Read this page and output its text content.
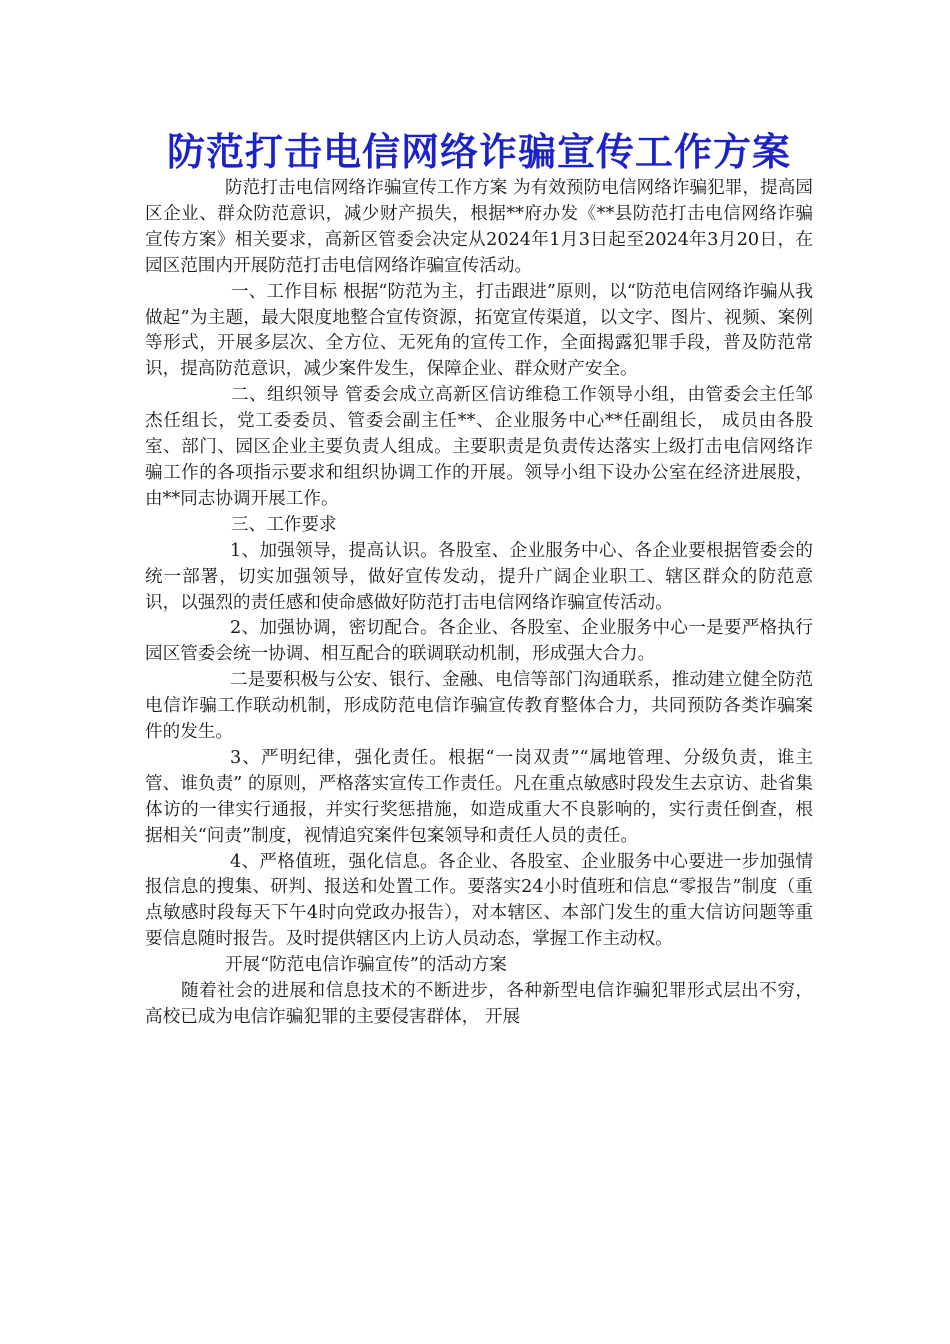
防范打击电信网络诈骗宣传工作方案

防范打击电信网络诈骗宣传工作方案 为有效预防电信网络诈骗犯罪，提高园区企业、群众防范意识，减少财产损失，根据**府办发《**县防范打击电信网络诈骗宣传方案》相关要求，高新区管委会决定从2024年1月3日起至2024年3月20日，在园区范围内开展防范打击电信网络诈骗宣传活动。

一、工作目标 根据“防范为主，打击跟进”原则，以“防范电信网络诈骗从我做起”为主题，最大限度地整合宣传资源，拓宽宣传渠道，以文字、图片、视频、案例等形式，开展多层次、全方位、无死角的宣传工作，全面揭露犯罪手段，普及防范常识，提高防范意识，减少案件发生，保障企业、群众财产安全。

二、组织领导 管委会成立高新区信访维稳工作领导小组，由管委会主任邹杰任组长，党工委委员、管委会副主任**、企业服务中心**任副组长， 成员由各股室、部门、园区企业主要负责人组成。主要职责是负责传达落实上级打击电信网络诈骗工作的各项指示要求和组织协调工作的开展。领导小组下设办公室在经济进展股，由**同志协调开展工作。

三、工作要求

1、加强领导，提高认识。各股室、企业服务中心、各企业要根据管委会的统一部署，切实加强领导，做好宣传发动，提升广阔企业职工、辖区群众的防范意识，以强烈的责任感和使命感做好防范打击电信网络诈骗宣传活动。

2、加强协调，密切配合。各企业、各股室、企业服务中心一是要严格执行园区管委会统一协调、相互配合的联调联动机制，形成强大合力。

二是要积极与公安、银行、金融、电信等部门沟通联系，推动建立健全防范电信诈骗工作联动机制，形成防范电信诈骗宣传教育整体合力，共同预防各类诈骗案件的发生。

3、严明纪律，强化责任。根据“一岗双责”“属地管理、分级负责，谁主管、谁负责” 的原则，严格落实宣传工作责任。凡在重点敏感时段发生去京访、赴省集体访的一律实行通报，并实行奖惩措施，如造成重大不良影响的，实行责任倒查，根据相关“问责”制度，视情追究案件包案领导和责任人员的责任。

4、严格值班，强化信息。各企业、各股室、企业服务中心要进一步加强情报信息的搜集、研判、报送和处置工作。要落实24小时值班和信息“零报告”制度（重点敏感时段每天下午4时向党政办报告），对本辖区、本部门发生的重大信访问题等重要信息随时报告。及时提供辖区内上访人员动态，掌握工作主动权。

开展“防范电信诈骗宣传”的活动方案

随着社会的进展和信息技术的不断进步，各种新型电信诈骗犯罪形式层出不穷，高校已成为电信诈骗犯罪的主要侵害群体， 开展
